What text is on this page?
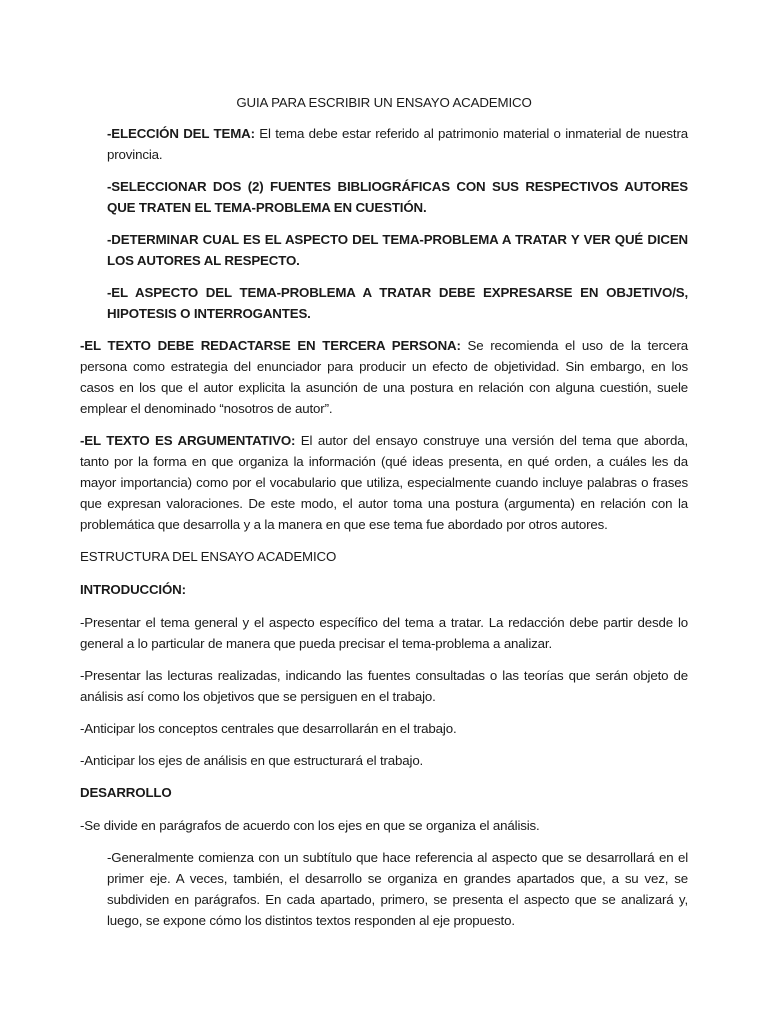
GUIA PARA ESCRIBIR UN ENSAYO ACADEMICO

-ELECCIÓN DEL TEMA: El tema debe estar referido al patrimonio material o inmaterial de nuestra provincia.

-SELECCIONAR DOS (2) FUENTES BIBLIOGRÁFICAS CON SUS RESPECTIVOS AUTORES QUE TRATEN EL TEMA-PROBLEMA EN CUESTIÓN.

-DETERMINAR CUAL ES EL ASPECTO DEL TEMA-PROBLEMA A TRATAR Y VER QUÉ DICEN LOS AUTORES AL RESPECTO.

-EL ASPECTO DEL TEMA-PROBLEMA A TRATAR DEBE EXPRESARSE EN OBJETIVO/S, HIPOTESIS O INTERROGANTES.

-EL TEXTO DEBE REDACTARSE EN TERCERA PERSONA: Se recomienda el uso de la tercera persona como estrategia del enunciador para producir un efecto de objetividad. Sin embargo, en los casos en los que el autor explicita la asunción de una postura en relación con alguna cuestión, suele emplear el denominado “nosotros de autor”.

-EL TEXTO ES ARGUMENTATIVO: El autor del ensayo construye una versión del tema que aborda, tanto por la forma en que organiza la información (qué ideas presenta, en qué orden, a cuáles les da mayor importancia) como por el vocabulario que utiliza, especialmente cuando incluye palabras o frases que expresan valoraciones. De este modo, el autor toma una postura (argumenta) en relación con la problemática que desarrolla y a la manera en que ese tema fue abordado por otros autores.

ESTRUCTURA DEL ENSAYO ACADEMICO

INTRODUCCIÓN:

-Presentar el tema general y el aspecto específico del tema a tratar. La redacción debe partir desde lo general a lo particular de manera que pueda precisar el tema-problema a analizar.

-Presentar las lecturas realizadas, indicando las fuentes consultadas o las teorías que serán objeto de análisis así como los objetivos que se persiguen en el trabajo.

-Anticipar los conceptos centrales que desarrollarán en el trabajo.

-Anticipar los ejes de análisis en que estructurará el trabajo.

DESARROLLO

-Se divide en parágrafos de acuerdo con los ejes en que se organiza el análisis.

-Generalmente comienza con un subtítulo que hace referencia al aspecto que se desarrollará en el primer eje. A veces, también, el desarrollo se organiza en grandes apartados que, a su vez, se subdividen en parágrafos. En cada apartado, primero, se presenta el aspecto que se analizará y, luego, se expone cómo los distintos textos responden al eje propuesto.
